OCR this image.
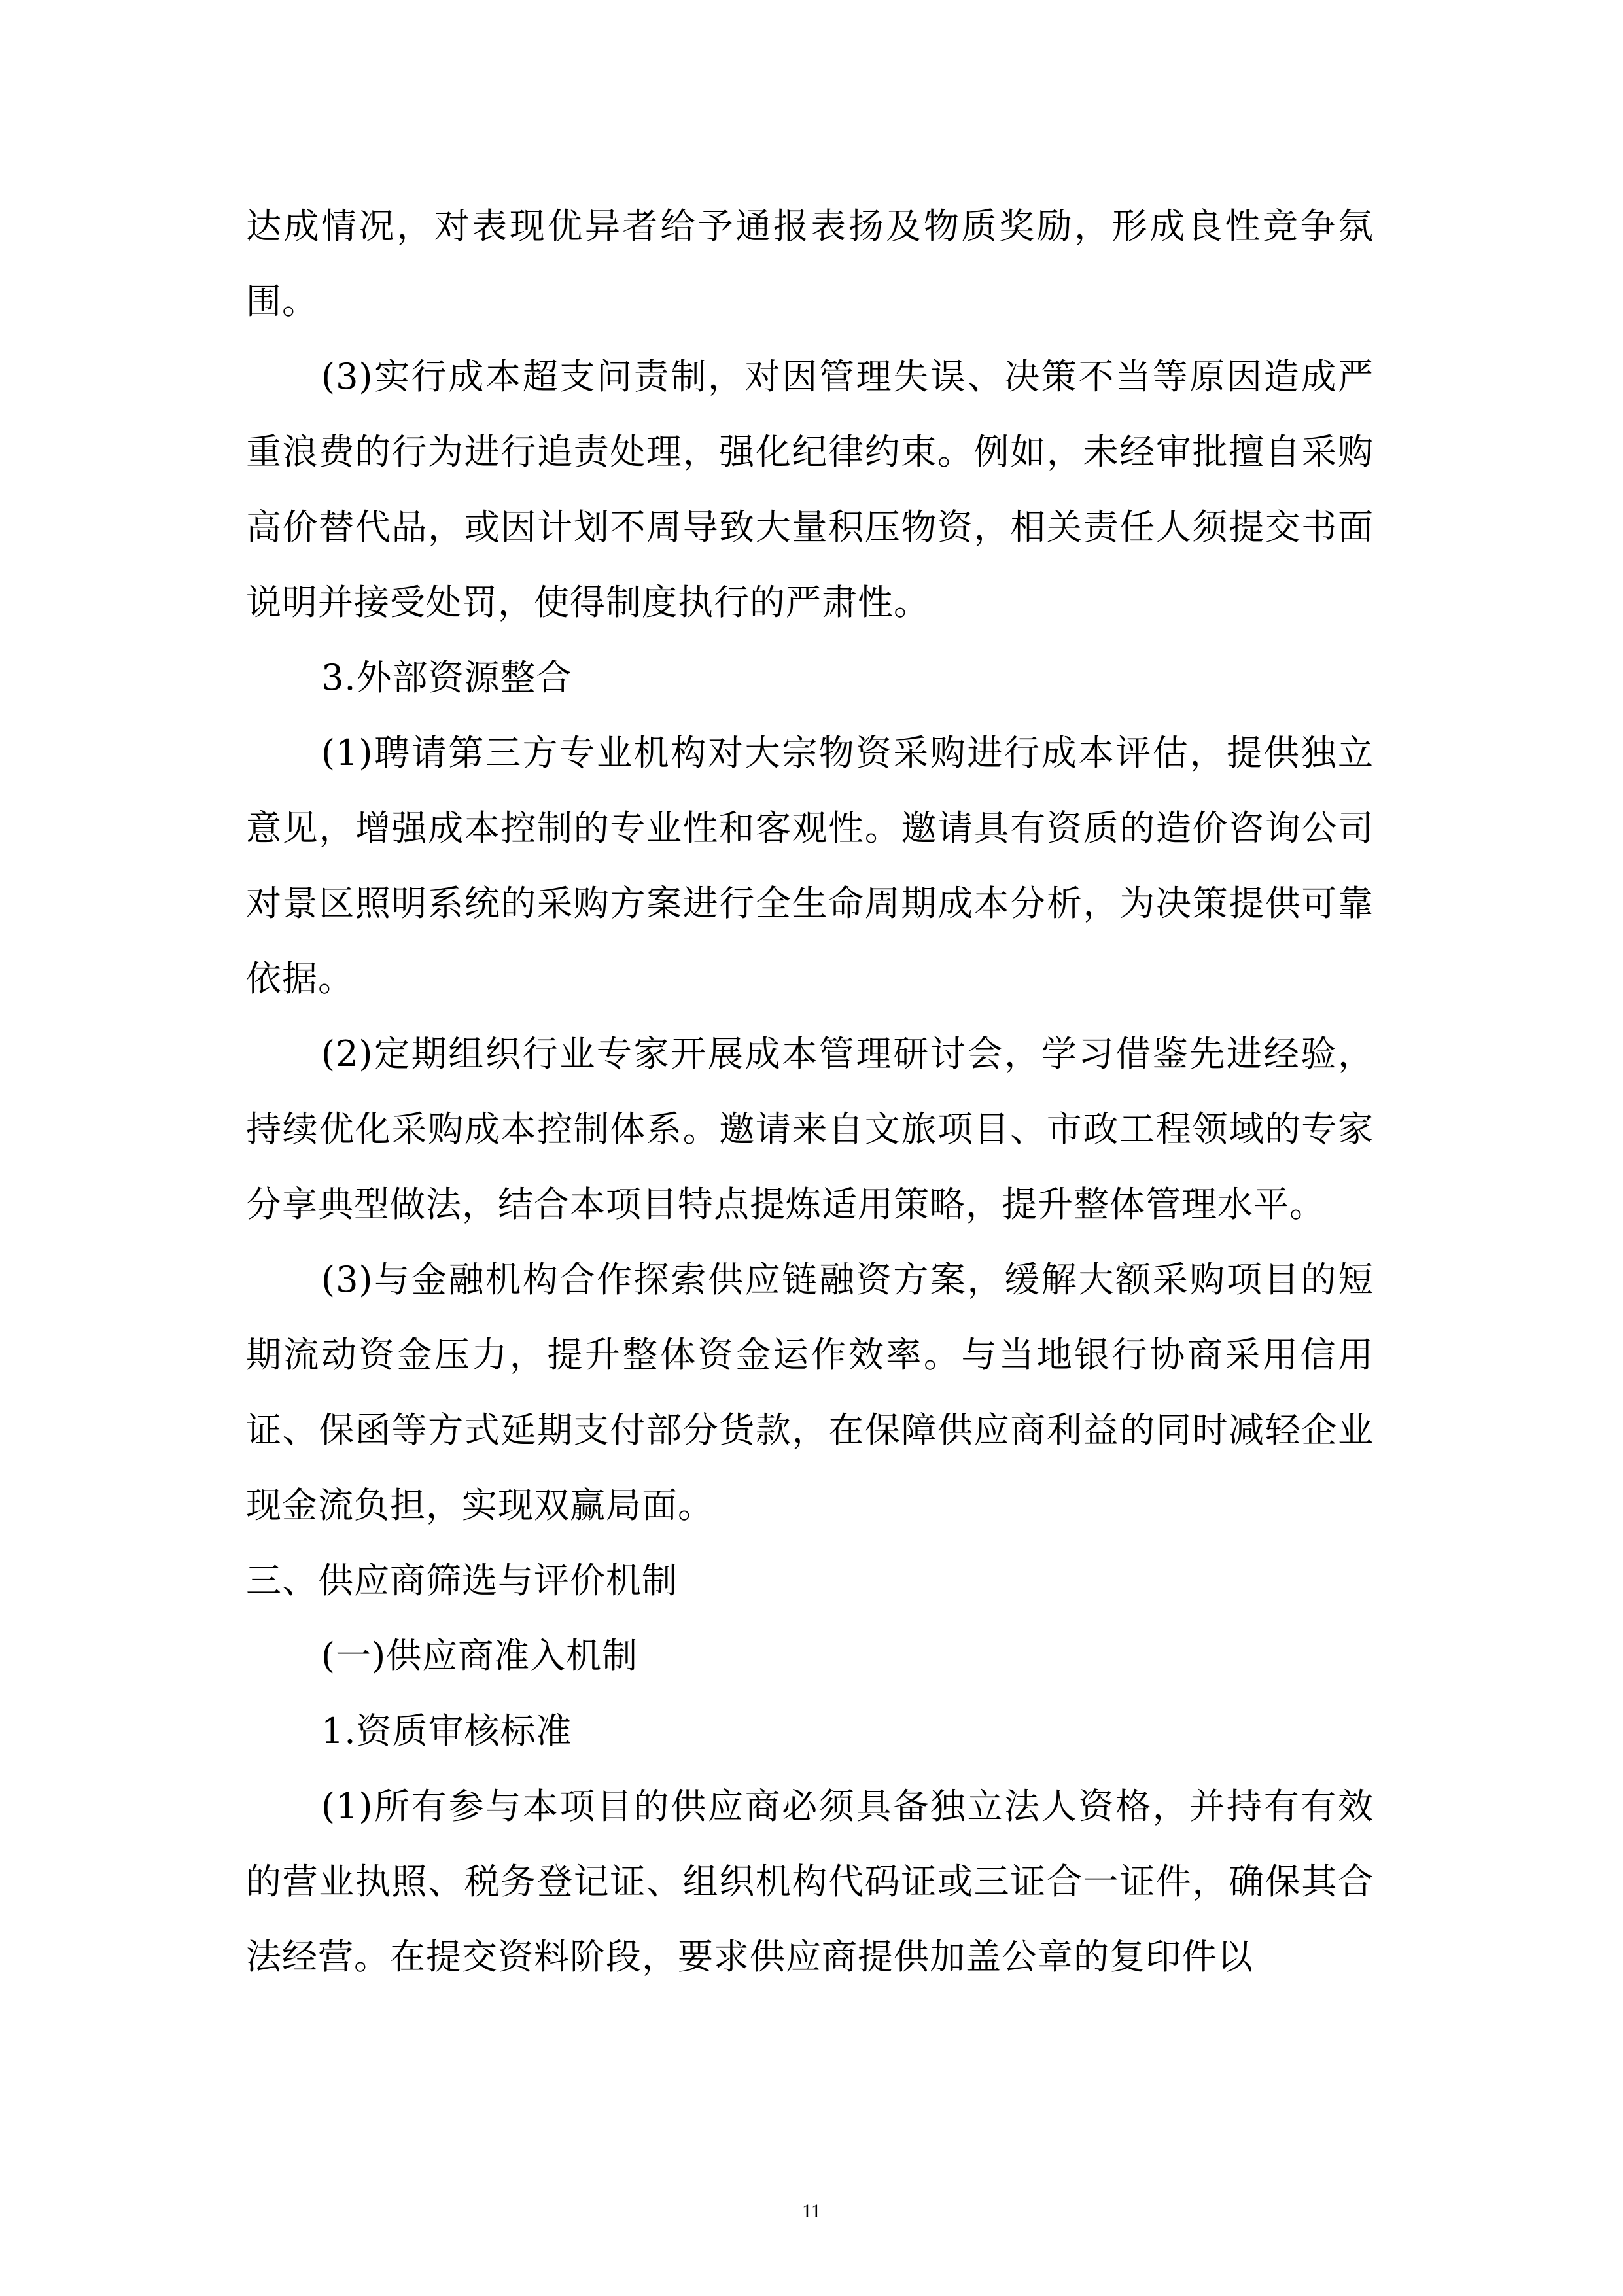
达成情况，对表现优异者给予通报表扬及物质奖励，形成良性竞争氛围。

(3)实行成本超支问责制，对因管理失误、决策不当等原因造成严重浪费的行为进行追责处理，强化纪律约束。例如，未经审批擅自采购高价替代品，或因计划不周导致大量积压物资，相关责任人须提交书面说明并接受处罚，使得制度执行的严肃性。

3.外部资源整合

(1)聘请第三方专业机构对大宗物资采购进行成本评估，提供独立意见，增强成本控制的专业性和客观性。邀请具有资质的造价咨询公司对景区照明系统的采购方案进行全生命周期成本分析，为决策提供可靠依据。

(2)定期组织行业专家开展成本管理研讨会，学习借鉴先进经验，持续优化采购成本控制体系。邀请来自文旅项目、市政工程领域的专家分享典型做法，结合本项目特点提炼适用策略，提升整体管理水平。

(3)与金融机构合作探索供应链融资方案，缓解大额采购项目的短期流动资金压力，提升整体资金运作效率。与当地银行协商采用信用证、保函等方式延期支付部分货款，在保障供应商利益的同时减轻企业现金流负担，实现双赢局面。

三、供应商筛选与评价机制

(一)供应商准入机制

1.资质审核标准

(1)所有参与本项目的供应商必须具备独立法人资格，并持有有效的营业执照、税务登记证、组织机构代码证或三证合一证件，确保其合法经营。在提交资料阶段，要求供应商提供加盖公章的复印件以

11
